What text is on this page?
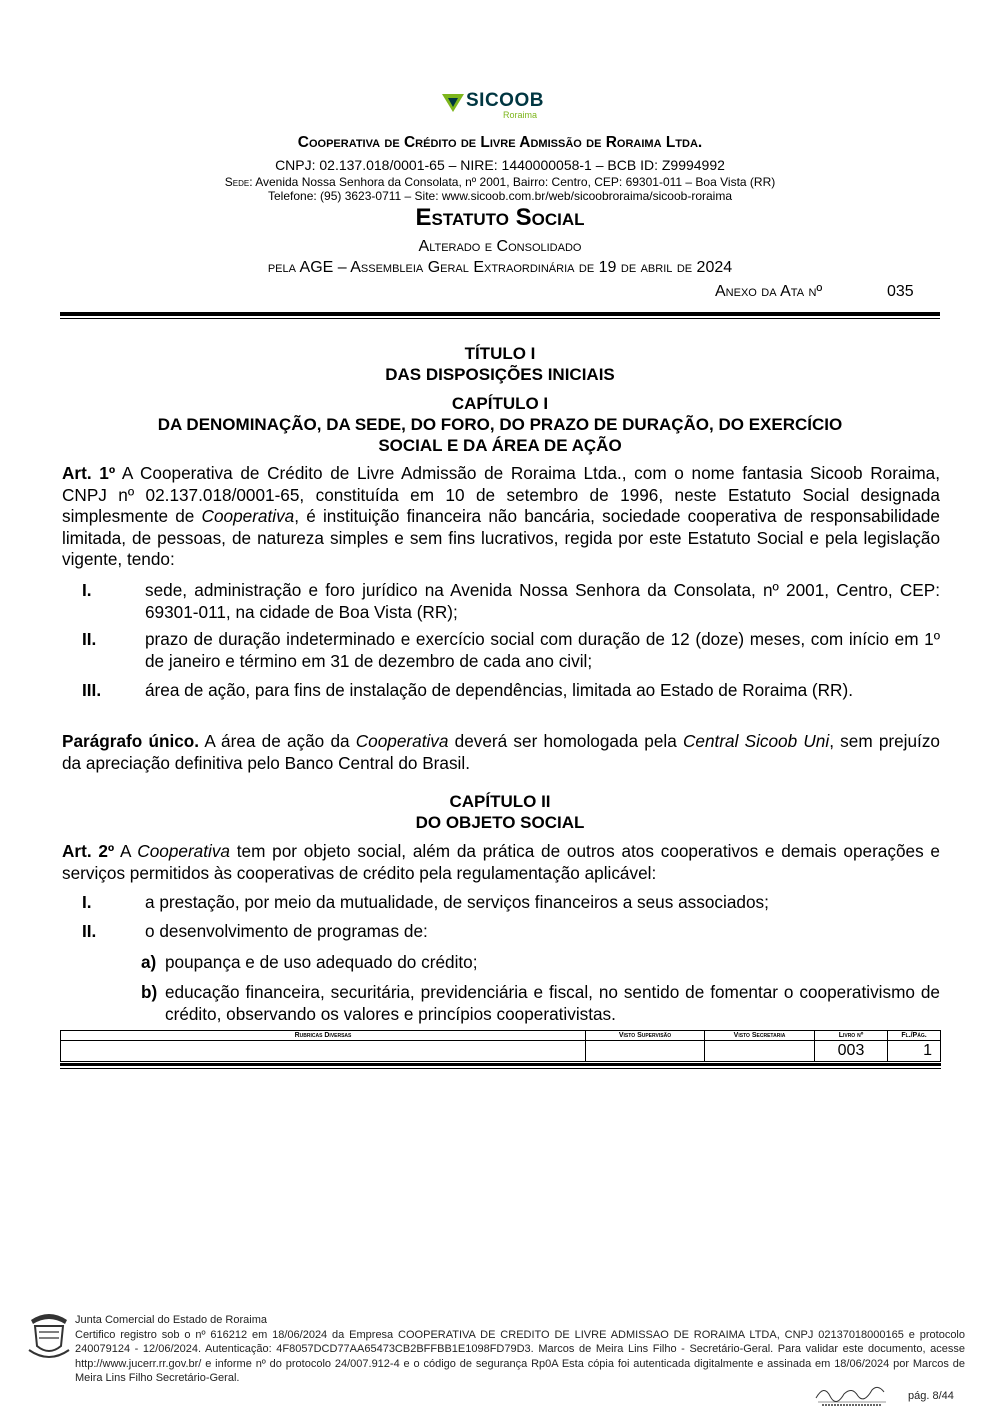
SICOOB
Roraima
Cooperativa de Crédito de Livre Admissão de Roraima Ltda.
CNPJ: 02.137.018/0001-65 – NIRE: 1440000058-1 – BCB ID: Z9994992
Sede: Avenida Nossa Senhora da Consolata, nº 2001, Bairro: Centro, CEP: 69301-011 – Boa Vista (RR)
Telefone: (95) 3623-0711 – Site: www.sicoob.com.br/web/sicoobroraima/sicoob-roraima
Estatuto Social
Alterado e Consolidado
pela AGE – Assembleia Geral Extraordinária de 19 de abril de 2024
Anexo da Ata nº	035
TÍTULO I
DAS DISPOSIÇÕES INICIAIS
CAPÍTULO I
DA DENOMINAÇÃO, DA SEDE, DO FORO, DO PRAZO DE DURAÇÃO, DO EXERCÍCIO
SOCIAL E DA ÁREA DE AÇÃO
Art. 1º A Cooperativa de Crédito de Livre Admissão de Roraima Ltda., com o nome fantasia Sicoob Roraima, CNPJ nº 02.137.018/0001-65, constituída em 10 de setembro de 1996, neste Estatuto Social designada simplesmente de Cooperativa, é instituição financeira não bancária, sociedade cooperativa de responsabilidade limitada, de pessoas, de natureza simples e sem fins lucrativos, regida por este Estatuto Social e pela legislação vigente, tendo:
I.	sede, administração e foro jurídico na Avenida Nossa Senhora da Consolata, nº 2001, Centro, CEP: 69301-011, na cidade de Boa Vista (RR);
II.	prazo de duração indeterminado e exercício social com duração de 12 (doze) meses, com início em 1º de janeiro e término em 31 de dezembro de cada ano civil;
III.	área de ação, para fins de instalação de dependências, limitada ao Estado de Roraima (RR).
Parágrafo único. A área de ação da Cooperativa deverá ser homologada pela Central Sicoob Uni, sem prejuízo da apreciação definitiva pelo Banco Central do Brasil.
CAPÍTULO II
DO OBJETO SOCIAL
Art. 2º A Cooperativa tem por objeto social, além da prática de outros atos cooperativos e demais operações e serviços permitidos às cooperativas de crédito pela regulamentação aplicável:
I.	a prestação, por meio da mutualidade, de serviços financeiros a seus associados;
II.	o desenvolvimento de programas de:
a) poupança e de uso adequado do crédito;
b) educação financeira, securitária, previdenciária e fiscal, no sentido de fomentar o cooperativismo de crédito, observando os valores e princípios cooperativistas.
Rubricas Diversas	Visto Supervisão	Visto Secretaria	Livro nº	Fl./Pág.
			003	1
Junta Comercial do Estado de Roraima
Certifico registro sob o nº 616212 em 18/06/2024 da Empresa COOPERATIVA DE CREDITO DE LIVRE ADMISSAO DE RORAIMA LTDA, CNPJ 02137018000165 e protocolo 240079124 - 12/06/2024. Autenticação: 4F8057DCD77AA65473CB2BFFBB1E1098FD79D3. Marcos de Meira Lins Filho - Secretário-Geral. Para validar este documento, acesse http://www.jucerr.rr.gov.br/ e informe nº do protocolo 24/007.912-4 e o código de segurança Rp0A Esta cópia foi autenticada digitalmente e assinada em 18/06/2024 por Marcos de Meira Lins Filho Secretário-Geral.
pág. 8/44
